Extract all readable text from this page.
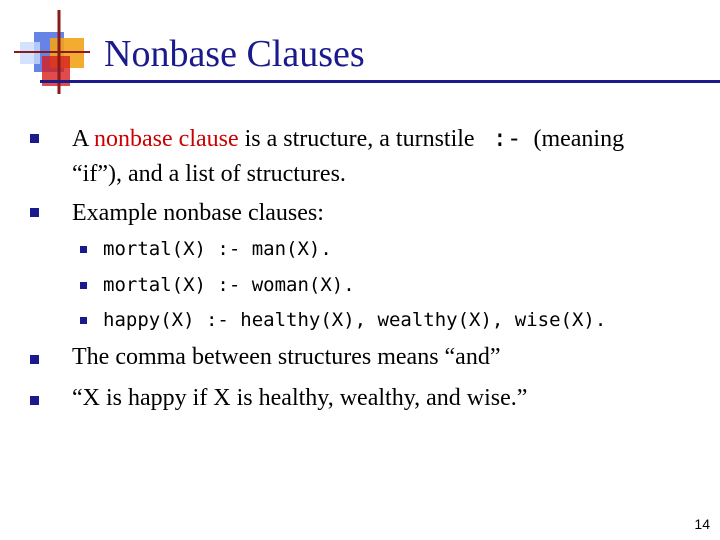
Nonbase Clauses
A nonbase clause is a structure, a turnstile   :-  (meaning
“if”), and a list of structures.
Example nonbase clauses:
mortal(X) :- man(X).
mortal(X) :- woman(X).
happy(X) :- healthy(X), wealthy(X), wise(X).
The comma between structures means “and”
“X is happy if X is healthy, wealthy, and wise.”
14
